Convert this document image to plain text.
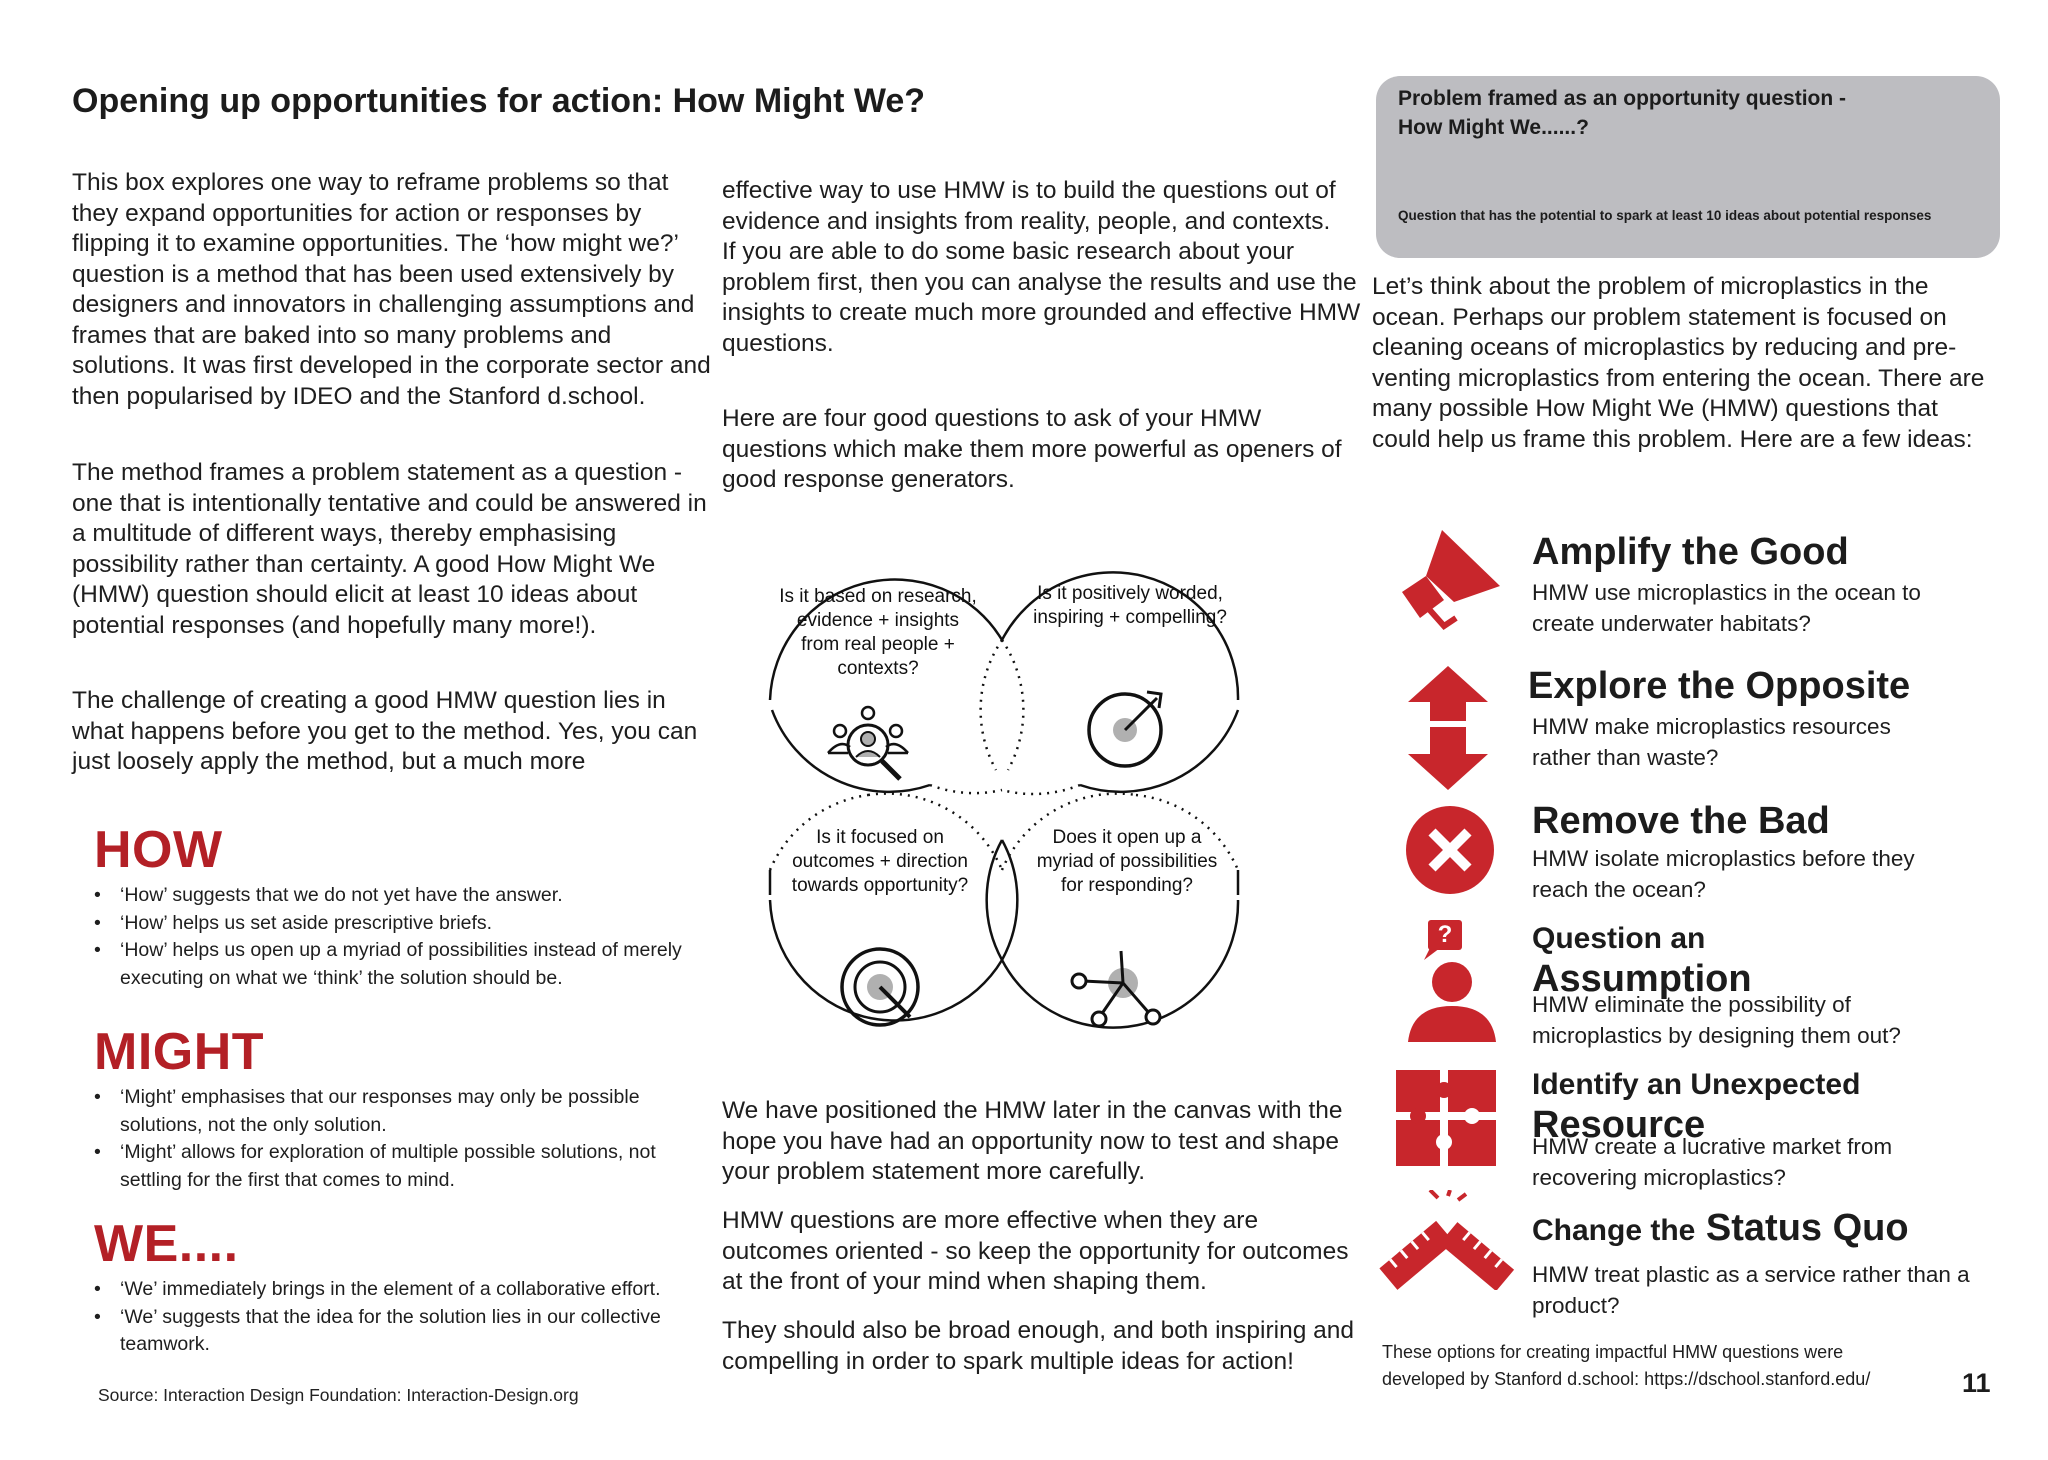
Opening up opportunities for action: How Might We?

This box explores one way to reframe problems so that they expand opportunities for action or responses by flipping it to examine opportunities. The ‘how might we?’ question is a method that has been used extensively by designers and innovators in challenging assumptions and frames that are baked into so many problems and solutions. It was first developed in the corporate sector and then popularised by IDEO and the Stanford d.school.

The method frames a problem statement as a question - one that is intentionally tentative and could be answered in a multitude of different ways, thereby emphasising possibility rather than certainty. A good How Might We (HMW) question should elicit at least 10 ideas about potential responses (and hopefully many more!).

The challenge of creating a good HMW question lies in what happens before you get to the method. Yes, you can just loosely apply the method, but a much more

HOW
• ‘How’ suggests that we do not yet have the answer.
• ‘How’ helps us set aside prescriptive briefs.
• ‘How’ helps us open up a myriad of possibilities instead of merely executing on what we ‘think’ the solution should be.
MIGHT
• ‘Might’ emphasises that our responses may only be possible solutions, not the only solution.
• ‘Might’ allows for exploration of multiple possible solutions, not settling for the first that comes to mind.
WE....
• ‘We’ immediately brings in the element of a collaborative effort.
• ‘We’ suggests that the idea for the solution lies in our collective teamwork.

Source: Interaction Design Foundation: Interaction-Design.org

effective way to use HMW is to build the questions out of evidence and insights from reality, people, and contexts.

If you are able to do some basic research about your problem first, then you can analyse the results and use the insights to create much more grounded and effective HMW questions.

Here are four good questions to ask of your HMW questions which make them more powerful as openers of good response generators.

Is it based on research, evidence + insights from real people + contexts?

Is it positively worded, inspiring + compelling?

Is it focused on outcomes + direction towards opportunity?

Does it open up a myriad of possibilities for responding?

We have positioned the HMW later in the canvas with the hope you have had an opportunity now to test and shape your problem statement more carefully.

HMW questions are more effective when they are outcomes oriented - so keep the opportunity for outcomes at the front of your mind when shaping them.

They should also be broad enough, and both inspiring and compelling in order to spark multiple ideas for action!

Problem framed as an opportunity question -
How Might We......?

Question that has the potential to spark at least 10 ideas about potential responses

Let’s think about the problem of microplastics in the ocean. Perhaps our problem statement is focused on cleaning oceans of microplastics by reducing and pre-venting microplastics from entering the ocean. There are many possible How Might We (HMW) questions that could help us frame this problem. Here are a few ideas:

Amplify the Good

HMW use microplastics in the ocean to create underwater habitats?

Explore the Opposite

HMW make microplastics resources rather than waste?

Remove the Bad

HMW isolate microplastics before they reach the ocean?

?	Question an
Assumption

HMW eliminate the possibility of microplastics by designing them out?

Identify an Unexpected
Resource

HMW create a lucrative market from recovering microplastics?

Change the Status Quo

HMW treat plastic as a service rather than a product?

These options for creating impactful HMW questions were
developed by Stanford d.school: https://dschool.stanford.edu/	11
